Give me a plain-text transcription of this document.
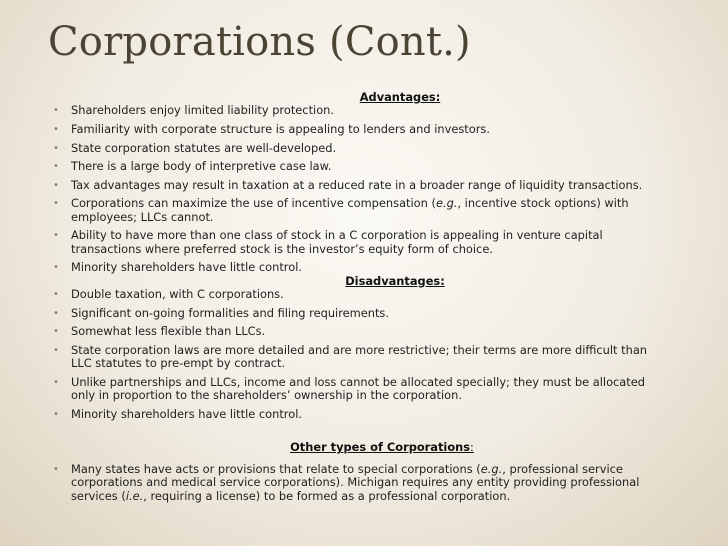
Corporations (Cont.)
Advantages:
• Shareholders enjoy limited liability protection.
• Familiarity with corporate structure is appealing to lenders and investors.
• State corporation statutes are well-developed.
• There is a large body of interpretive case law.
• Tax advantages may result in taxation at a reduced rate in a broader range of liquidity transactions.
• Corporations can maximize the use of incentive compensation (e.g., incentive stock options) with employees; LLCs cannot.
• Ability to have more than one class of stock in a C corporation is appealing in venture capital transactions where preferred stock is the investor’s equity form of choice.
• Minority shareholders have little control.
Disadvantages:
• Double taxation, with C corporations.
• Significant on-going formalities and filing requirements.
• Somewhat less flexible than LLCs.
• State corporation laws are more detailed and are more restrictive; their terms are more difficult than LLC statutes to pre-empt by contract.
• Unlike partnerships and LLCs, income and loss cannot be allocated specially; they must be allocated only in proportion to the shareholders’ ownership in the corporation.
• Minority shareholders have little control.
Other types of Corporations:
• Many states have acts or provisions that relate to special corporations (e.g., professional service corporations and medical service corporations). Michigan requires any entity providing professional services (i.e., requiring a license) to be formed as a professional corporation.
